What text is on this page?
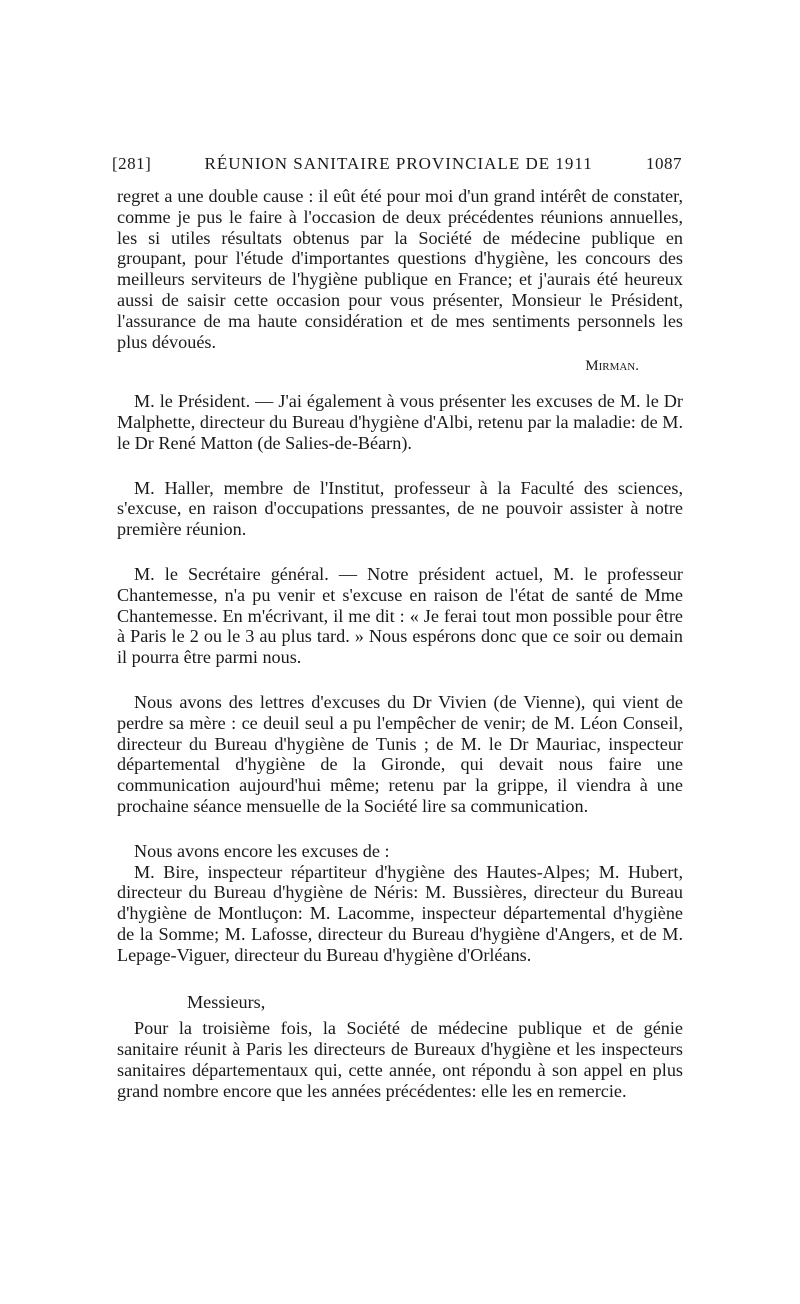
[281]	RÉUNION SANITAIRE PROVINCIALE DE 1911	1087

regret a une double cause : il eût été pour moi d'un grand intérêt de constater, comme je pus le faire à l'occasion de deux précédentes réunions annuelles, les si utiles résultats obtenus par la Société de médecine publique en groupant, pour l'étude d'importantes questions d'hygiène, les concours des meilleurs serviteurs de l'hygiène publique en France; et j'aurais été heureux aussi de saisir cette occasion pour vous présenter, Monsieur le Président, l'assurance de ma haute considération et de mes sentiments personnels les plus dévoués.

Mirman.

M. le Président. — J'ai également à vous présenter les excuses de M. le Dr Malphette, directeur du Bureau d'hygiène d'Albi, retenu par la maladie: de M. le Dr René Matton (de Salies-de-Béarn).

M. Haller, membre de l'Institut, professeur à la Faculté des sciences, s'excuse, en raison d'occupations pressantes, de ne pouvoir assister à notre première réunion.

M. le Secrétaire général. — Notre président actuel, M. le professeur Chantemesse, n'a pu venir et s'excuse en raison de l'état de santé de Mme Chantemesse. En m'écrivant, il me dit : « Je ferai tout mon possible pour être à Paris le 2 ou le 3 au plus tard. » Nous espérons donc que ce soir ou demain il pourra être parmi nous.

Nous avons des lettres d'excuses du Dr Vivien (de Vienne), qui vient de perdre sa mère : ce deuil seul a pu l'empêcher de venir; de M. Léon Conseil, directeur du Bureau d'hygiène de Tunis ; de M. le Dr Mauriac, inspecteur départemental d'hygiène de la Gironde, qui devait nous faire une communication aujourd'hui même; retenu par la grippe, il viendra à une prochaine séance mensuelle de la Société lire sa communication.

Nous avons encore les excuses de :

M. Bire, inspecteur répartiteur d'hygiène des Hautes-Alpes; M. Hubert, directeur du Bureau d'hygiène de Néris: M. Bussières, directeur du Bureau d'hygiène de Montluçon: M. Lacomme, inspecteur départemental d'hygiène de la Somme; M. Lafosse, directeur du Bureau d'hygiène d'Angers, et de M. Lepage-Viguer, directeur du Bureau d'hygiène d'Orléans.

Messieurs,

Pour la troisième fois, la Société de médecine publique et de génie sanitaire réunit à Paris les directeurs de Bureaux d'hygiène et les inspecteurs sanitaires départementaux qui, cette année, ont répondu à son appel en plus grand nombre encore que les années précédentes: elle les en remercie.
